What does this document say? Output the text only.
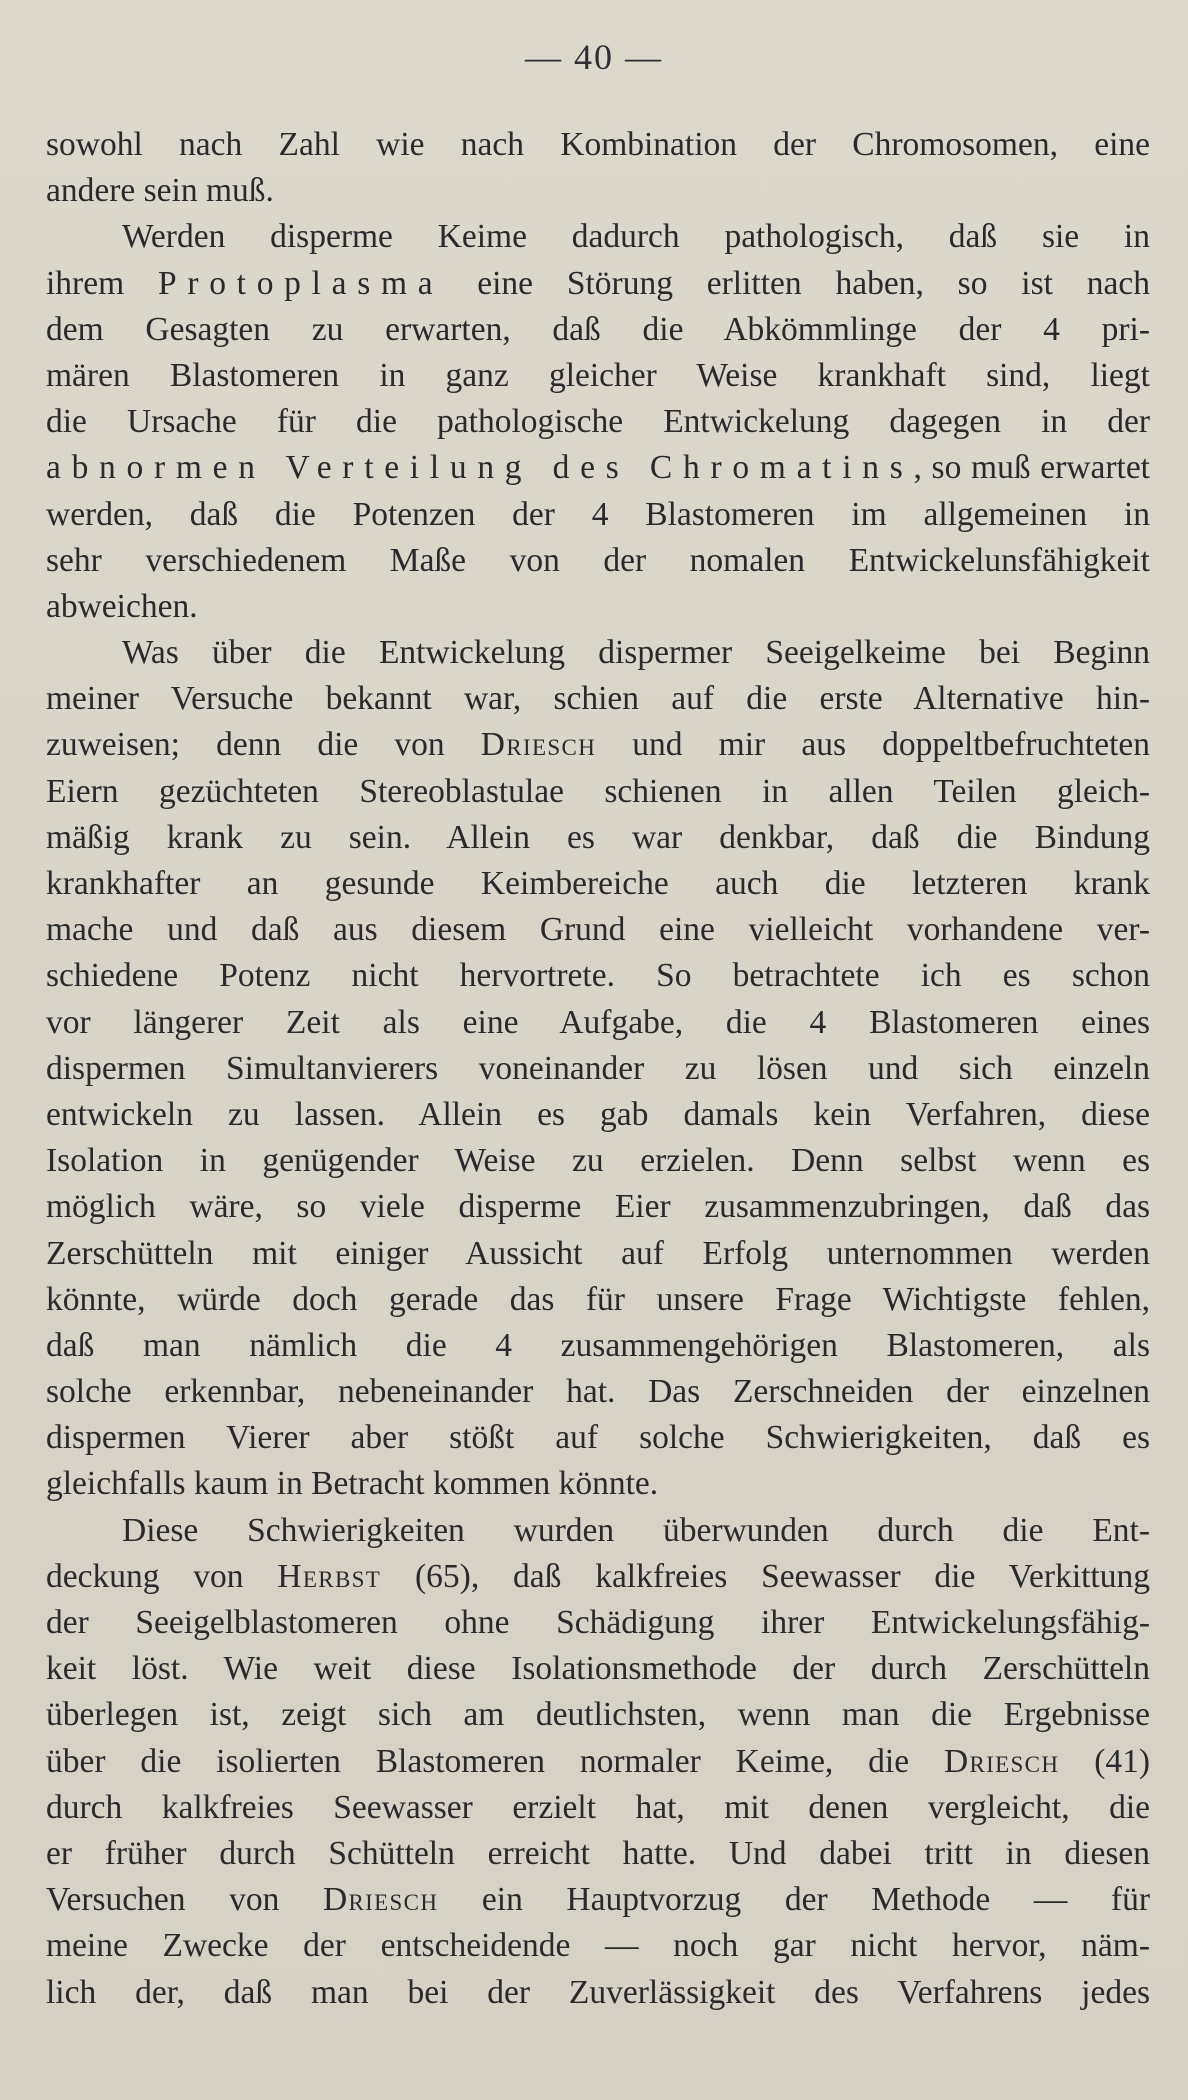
— 40 —
sowohl nach Zahl wie nach Kombination der Chromosomen, eine
andere sein muß.
Werden disperme Keime dadurch pathologisch, daß sie in
ihrem Protoplasma eine Störung erlitten haben, so ist nach
dem Gesagten zu erwarten, daß die Abkömmlinge der 4 pri-
mären Blastomeren in ganz gleicher Weise krankhaft sind, liegt
die Ursache für die pathologische Entwickelung dagegen in der
abnormen Verteilung des Chromatins, so muß erwartet
werden, daß die Potenzen der 4 Blastomeren im allgemeinen in
sehr verschiedenem Maße von der nomalen Entwickelunsfähigkeit
abweichen.
Was über die Entwickelung dispermer Seeigelkeime bei Beginn
meiner Versuche bekannt war, schien auf die erste Alternative hin-
zuweisen; denn die von Driesch und mir aus doppeltbefruchteten
Eiern gezüchteten Stereoblastulae schienen in allen Teilen gleich-
mäßig krank zu sein. Allein es war denkbar, daß die Bindung
krankhafter an gesunde Keimbereiche auch die letzteren krank
mache und daß aus diesem Grund eine vielleicht vorhandene ver-
schiedene Potenz nicht hervortrete. So betrachtete ich es schon
vor längerer Zeit als eine Aufgabe, die 4 Blastomeren eines
dispermen Simultanvierers voneinander zu lösen und sich einzeln
entwickeln zu lassen. Allein es gab damals kein Verfahren, diese
Isolation in genügender Weise zu erzielen. Denn selbst wenn es
möglich wäre, so viele disperme Eier zusammenzubringen, daß das
Zerschütteln mit einiger Aussicht auf Erfolg unternommen werden
könnte, würde doch gerade das für unsere Frage Wichtigste fehlen,
daß man nämlich die 4 zusammengehörigen Blastomeren, als
solche erkennbar, nebeneinander hat. Das Zerschneiden der einzelnen
dispermen Vierer aber stößt auf solche Schwierigkeiten, daß es
gleichfalls kaum in Betracht kommen könnte.
Diese Schwierigkeiten wurden überwunden durch die Ent-
deckung von Herbst (65), daß kalkfreies Seewasser die Verkittung
der Seeigelblastomeren ohne Schädigung ihrer Entwickelungsfähig-
keit löst. Wie weit diese Isolationsmethode der durch Zerschütteln
überlegen ist, zeigt sich am deutlichsten, wenn man die Ergebnisse
über die isolierten Blastomeren normaler Keime, die Driesch (41)
durch kalkfreies Seewasser erzielt hat, mit denen vergleicht, die
er früher durch Schütteln erreicht hatte. Und dabei tritt in diesen
Versuchen von Driesch ein Hauptvorzug der Methode — für
meine Zwecke der entscheidende — noch gar nicht hervor, näm-
lich der, daß man bei der Zuverlässigkeit des Verfahrens jedes
